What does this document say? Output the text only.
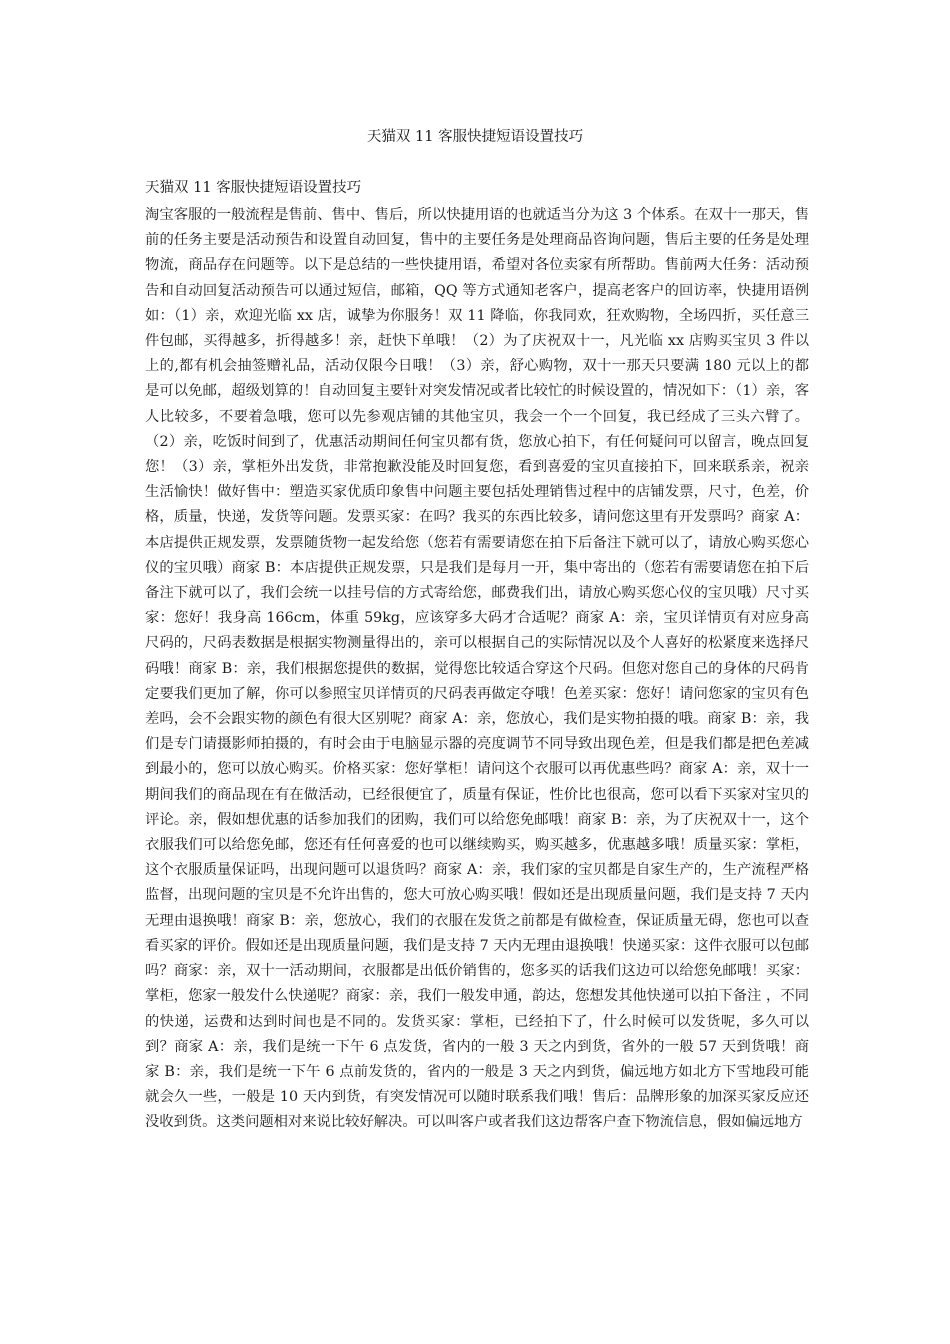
天猫双 11 客服快捷短语设置技巧
天猫双 11 客服快捷短语设置技巧

淘宝客服的一般流程是售前、售中、售后，所以快捷用语的也就适当分为这 3 个体系。在双十一那天，售前的任务主要是活动预告和设置自动回复，售中的主要任务是处理商品咨询问题，售后主要的任务是处理物流，商品存在问题等。以下是总结的一些快捷用语，希望对各位卖家有所帮助。售前两大任务：活动预告和自动回复活动预告可以通过短信，邮箱，QQ 等方式通知老客户，提高老客户的回访率，快捷用语例如：（1）亲，欢迎光临 xx 店，诚挚为你服务！双 11 降临，你我同欢，狂欢购物，全场四折，买任意三件包邮，买得越多，折得越多！亲，赶快下单哦！（2）为了庆祝双十一，凡光临 xx 店购买宝贝 3 件以上的,都有机会抽签赠礼品，活动仅限今日哦！（3）亲，舒心购物，双十一那天只要满 180 元以上的都是可以免邮，超级划算的！自动回复主要针对突发情况或者比较忙的时候设置的，情况如下：（1）亲，客人比较多，不要着急哦，您可以先参观店铺的其他宝贝，我会一个一个回复，我已经成了三头六臂了。（2）亲，吃饭时间到了，优惠活动期间任何宝贝都有货，您放心拍下，有任何疑问可以留言，晚点回复您！（3）亲，掌柜外出发货，非常抱歉没能及时回复您，看到喜爱的宝贝直接拍下，回来联系亲，祝亲生活愉快！做好售中：塑造买家优质印象售中问题主要包括处理销售过程中的店铺发票，尺寸，色差，价格，质量，快递，发货等问题。发票买家：在吗？我买的东西比较多，请问您这里有开发票吗？商家 A：本店提供正规发票，发票随货物一起发给您（您若有需要请您在拍下后备注下就可以了，请放心购买您心仪的宝贝哦）商家 B：本店提供正规发票，只是我们是每月一开，集中寄出的（您若有需要请您在拍下后备注下就可以了，我们会统一以挂号信的方式寄给您，邮费我们出，请放心购买您心仪的宝贝哦）尺寸买家：您好！我身高 166cm，体重 59kg，应该穿多大码才合适呢？商家 A：亲，宝贝详情页有对应身高尺码的，尺码表数据是根据实物测量得出的，亲可以根据自己的实际情况以及个人喜好的松紧度来选择尺码哦！商家 B：亲，我们根据您提供的数据，觉得您比较适合穿这个尺码。但您对您自己的身体的尺码肯定要我们更加了解，你可以参照宝贝详情页的尺码表再做定夺哦！色差买家：您好！请问您家的宝贝有色差吗，会不会跟实物的颜色有很大区别呢？商家 A：亲，您放心，我们是实物拍摄的哦。商家 B：亲，我们是专门请摄影师拍摄的，有时会由于电脑显示器的亮度调节不同导致出现色差，但是我们都是把色差减到最小的，您可以放心购买。价格买家：您好掌柜！请问这个衣服可以再优惠些吗？商家 A：亲，双十一期间我们的商品现在有在做活动，已经很便宜了，质量有保证，性价比也很高，您可以看下买家对宝贝的评论。亲，假如想优惠的话参加我们的团购，我们可以给您免邮哦！商家 B：亲，为了庆祝双十一，这个衣服我们可以给您免邮，您还有任何喜爱的也可以继续购买，购买越多，优惠越多哦！质量买家：掌柜，这个衣服质量保证吗，出现问题可以退货吗？商家 A：亲，我们家的宝贝都是自家生产的，生产流程严格监督，出现问题的宝贝是不允许出售的，您大可放心购买哦！假如还是出现质量问题，我们是支持 7 天内无理由退换哦！商家 B：亲，您放心，我们的衣服在发货之前都是有做检查，保证质量无碍，您也可以查看买家的评价。假如还是出现质量问题，我们是支持 7 天内无理由退换哦！快递买家：这件衣服可以包邮吗？商家：亲，双十一活动期间，衣服都是出低价销售的，您多买的话我们这边可以给您免邮哦！买家：掌柜，您家一般发什么快递呢？商家：亲，我们一般发申通，韵达，您想发其他快递可以拍下备注 ，不同的快递，运费和达到时间也是不同的。发货买家：掌柜，已经拍下了，什么时候可以发货呢，多久可以到？商家 A：亲，我们是统一下午 6 点发货，省内的一般 3 天之内到货，省外的一般 57 天到货哦！商家 B：亲，我们是统一下午 6 点前发货的，省内的一般是 3 天之内到货，偏远地方如北方下雪地段可能就会久一些，一般是 10 天内到货，有突发情况可以随时联系我们哦！售后：品牌形象的加深买家反应还没收到货。这类问题相对来说比较好解决。可以叫客户或者我们这边帮客户查下物流信息，假如偏远地方
